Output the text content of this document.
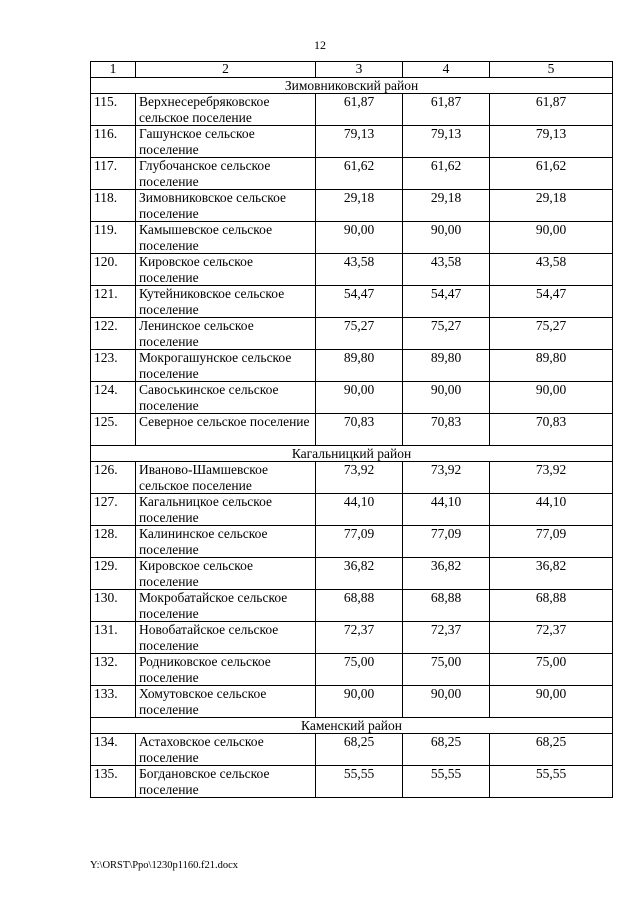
12
1	2	3	4	5
Зимовниковский район				
115.	Верхнесеребряковское сельское поселение	61,87	61,87	61,87
116.	Гашунское сельское поселение	79,13	79,13	79,13
117.	Глубочанское сельское поселение	61,62	61,62	61,62
118.	Зимовниковское сельское поселение	29,18	29,18	29,18
119.	Камышевское сельское поселение	90,00	90,00	90,00
120.	Кировское сельское поселение	43,58	43,58	43,58
121.	Кутейниковское сельское поселение	54,47	54,47	54,47
122.	Ленинское сельское поселение	75,27	75,27	75,27
123.	Мокрогашунское сельское поселение	89,80	89,80	89,80
124.	Савоськинское сельское поселение	90,00	90,00	90,00
125.	Северное сельское поселение	70,83	70,83	70,83
Кагальницкий район				
126.	Иваново-Шамшевское сельское поселение	73,92	73,92	73,92
127.	Кагальницкое сельское поселение	44,10	44,10	44,10
128.	Калининское сельское поселение	77,09	77,09	77,09
129.	Кировское сельское поселение	36,82	36,82	36,82
130.	Мокробатайское сельское поселение	68,88	68,88	68,88
131.	Новобатайское сельское поселение	72,37	72,37	72,37
132.	Родниковское сельское поселение	75,00	75,00	75,00
133.	Хомутовское сельское поселение	90,00	90,00	90,00
Каменский район				
134.	Астаховское сельское поселение	68,25	68,25	68,25
135.	Богдановское сельское поселение	55,55	55,55	55,55
Y:\ORST\Ppo\1230p1160.f21.docx
